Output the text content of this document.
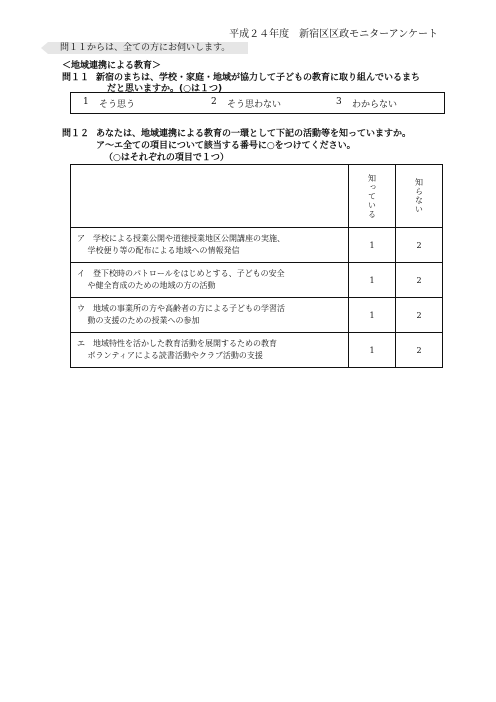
平成２４年度　新宿区区政モニターアンケート
問１１からは、全ての方にお伺いします。
＜地域連携による教育＞
問１１ 新宿のまちは、学校・家庭・地域が協力して子どもの教育に取り組んでいるまち
だと思いますか。(○は１つ)
1 そう思う	2 そう思わない	3 わからない
問１２ あなたは、地域連携による教育の一環として下記の活動等を知っていますか。
ア～エ全ての項目について該当する番号に○をつけてください。
（○はそれぞれの項目で１つ）

	知っている	知らない

ア　 学校による授業公開や道徳授業地区公開講座の実施、
　 学校便り等の配布による地域への情報発信	1	2
イ　 登下校時のパトロールをはじめとする、子どもの安全
　 や健全育成のための地域の方の活動	1	2
ウ　 地域の事業所の方や高齢者の方による子どもの学習活
　 動の支援のための授業への参加	1	2
エ　 地域特性を活かした教育活動を展開するための教育
　 ボランティアによる読書活動やクラブ活動の支援	1	2
